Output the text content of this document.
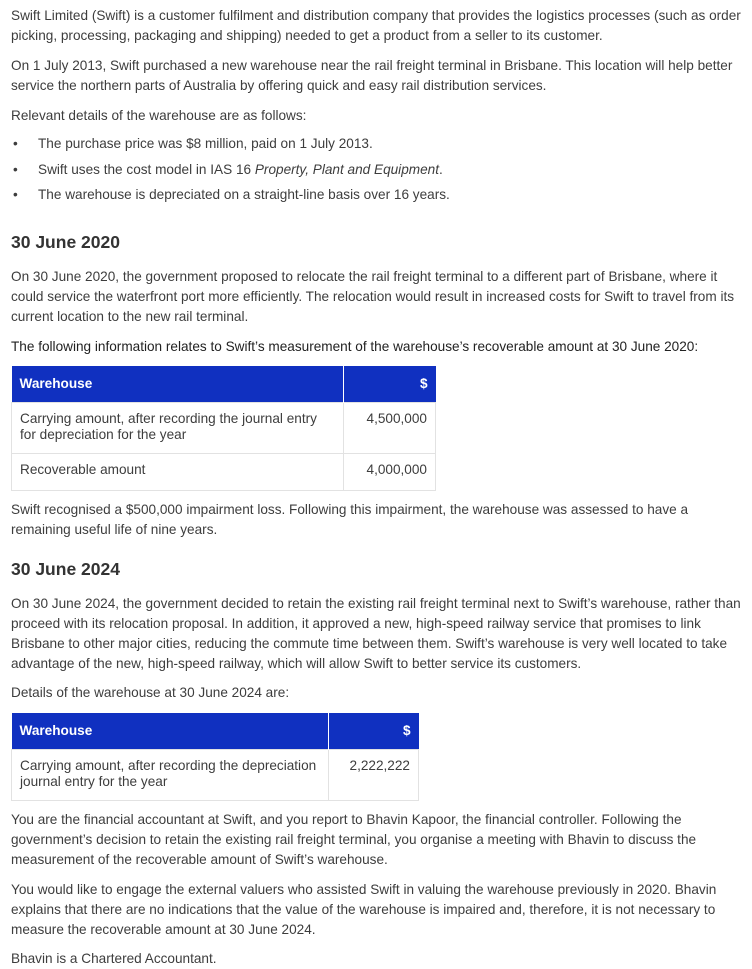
Swift Limited (Swift) is a customer fulfilment and distribution company that provides the logistics processes (such as order picking, processing, packaging and shipping) needed to get a product from a seller to its customer.

On 1 July 2013, Swift purchased a new warehouse near the rail freight terminal in Brisbane. This location will help better service the northern parts of Australia by offering quick and easy rail distribution services.

Relevant details of the warehouse are as follows:

•	The purchase price was $8 million, paid on 1 July 2013.
•	Swift uses the cost model in IAS 16 Property, Plant and Equipment.
•	The warehouse is depreciated on a straight-line basis over 16 years.
30 June 2020

On 30 June 2020, the government proposed to relocate the rail freight terminal to a different part of Brisbane, where it could service the waterfront port more efficiently. The relocation would result in increased costs for Swift to travel from its current location to the new rail terminal.

The following information relates to Swift’s measurement of the warehouse’s recoverable amount at 30 June 2020:

Warehouse	$
Carrying amount, after recording the journal entry for depreciation for the year	4,500,000
Recoverable amount	4,000,000

Swift recognised a $500,000 impairment loss. Following this impairment, the warehouse was assessed to have a remaining useful life of nine years.

30 June 2024

On 30 June 2024, the government decided to retain the existing rail freight terminal next to Swift’s warehouse, rather than proceed with its relocation proposal. In addition, it approved a new, high-speed railway service that promises to link Brisbane to other major cities, reducing the commute time between them. Swift’s warehouse is very well located to take advantage of the new, high-speed railway, which will allow Swift to better service its customers.

Details of the warehouse at 30 June 2024 are:

Warehouse	$
Carrying amount, after recording the depreciation journal entry for the year	2,222,222

You are the financial accountant at Swift, and you report to Bhavin Kapoor, the financial controller. Following the government’s decision to retain the existing rail freight terminal, you organise a meeting with Bhavin to discuss the measurement of the recoverable amount of Swift’s warehouse.

You would like to engage the external valuers who assisted Swift in valuing the warehouse previously in 2020. Bhavin explains that there are no indications that the value of the warehouse is impaired and, therefore, it is not necessary to measure the recoverable amount at 30 June 2024.

Bhavin is a Chartered Accountant.
